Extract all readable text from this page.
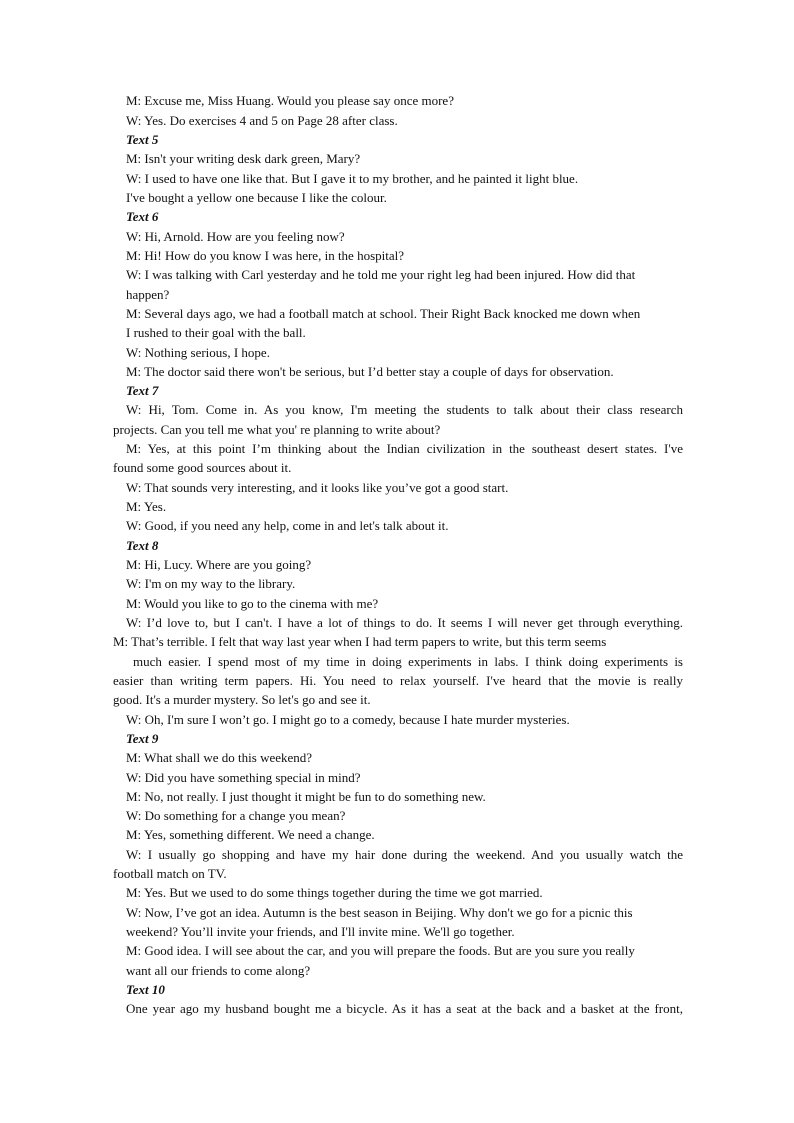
M: Excuse me, Miss Huang. Would you please say once more?

W: Yes. Do exercises 4 and 5 on Page 28 after class.

Text 5

M: Isn't your writing desk dark green, Mary?

W: I used to have one like that. But I gave it to my brother, and he painted it light blue.

I've bought a yellow one because I like the colour.

Text 6

W: Hi, Arnold. How are you feeling now?

M: Hi! How do you know I was here, in the hospital?

W: I was talking with Carl yesterday and he told me your right leg had been injured. How did that

happen?

M: Several days ago, we had a football match at school. Their Right Back knocked me down when

I rushed to their goal with the ball.

W: Nothing serious, I hope.

M: The doctor said there won't be serious, but I’d better stay a couple of days for observation.

Text 7

W: Hi, Tom. Come in. As you know, I'm meeting the students to talk about their class research

projects. Can you tell me what you' re planning to write about?

M: Yes, at this point I’m thinking about the Indian civilization in the southeast desert states. I've

found some good sources about it.

W: That sounds very interesting, and it looks like you’ve got a good start.

M: Yes.

W: Good, if you need any help, come in and let's talk about it.

Text 8

M: Hi, Lucy. Where are you going?

W: I'm on my way to the library.

M: Would you like to go to the cinema with me?

W: I’d love to, but I can't. I have a lot of things to do. It seems I will never get through everything.

M: That’s terrible. I felt that way last year when I had term papers to write, but this term seems

much easier. I spend most of my time in doing experiments in labs. I think doing experiments is

easier than writing term papers. Hi. You need to relax yourself. I've heard that the movie is really

good. It's a murder mystery. So let's go and see it.

W: Oh, I'm sure I won’t go. I might go to a comedy, because I hate murder mysteries.

Text 9

M: What shall we do this weekend?

W: Did you have something special in mind?

M: No, not really. I just thought it might be fun to do something new.

W: Do something for a change you mean?

M: Yes, something different. We need a change.

W: I usually go shopping and have my hair done during the weekend. And you usually watch the

football match on TV.

M: Yes. But we used to do some things together during the time we got married.

W: Now, I’ve got an idea. Autumn is the best season in Beijing. Why don't we go for a picnic this

weekend? You’ll invite your friends, and I'll invite mine. We'll go together.

M: Good idea. I will see about the car, and you will prepare the foods. But are you sure you really

want all our friends to come along?

Text 10

One year ago my husband bought me a bicycle. As it has a seat at the back and a basket at the front,
